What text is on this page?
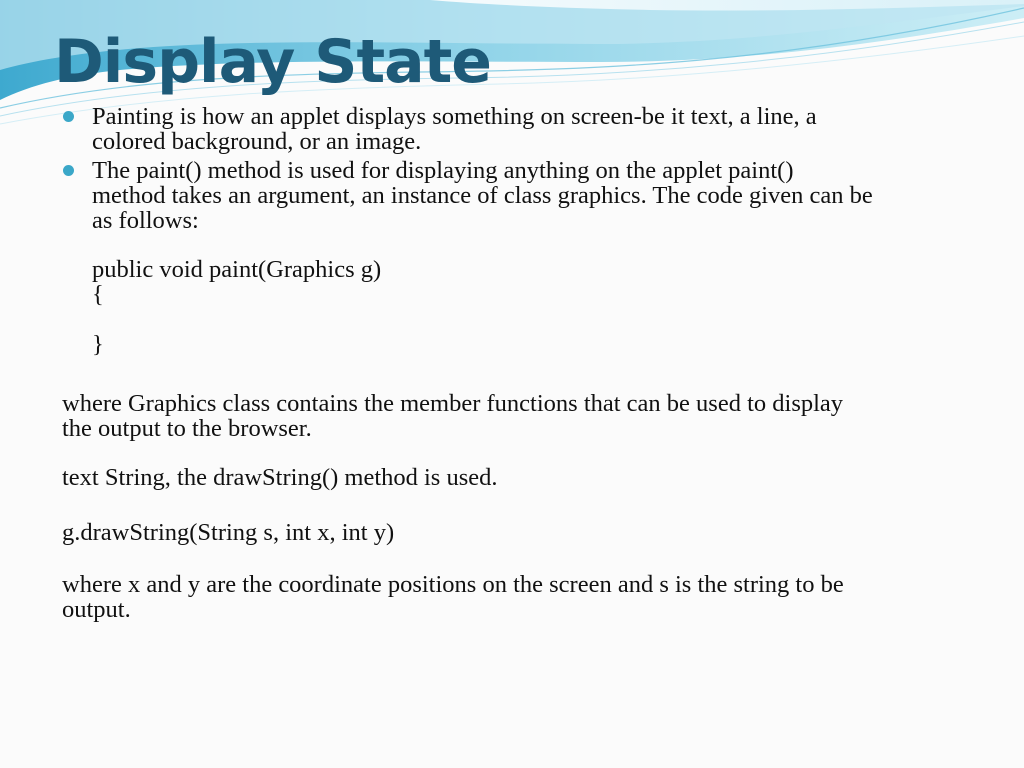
Display State
Painting is how an applet displays something on screen-be it text, a line, a
colored background, or an image.
The paint() method is used for displaying anything on the applet paint()
method takes an argument, an instance of class graphics. The code given can be
as follows:
public void paint(Graphics g)
{
}
where Graphics class contains the member functions that can be used to display
the output to the browser.
text String, the drawString() method is used.
g.drawString(String s, int x, int y)
where x and y are the coordinate positions on the screen and s is the string to be
output.
